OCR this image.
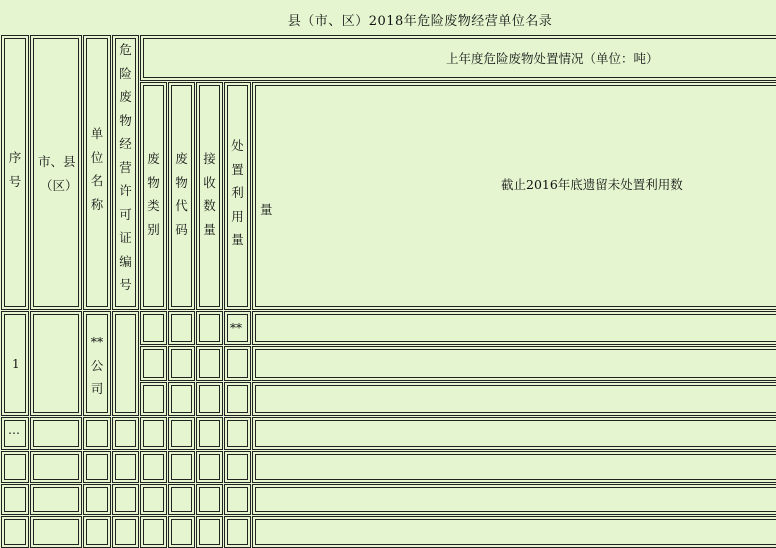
县（市、区）2018年危险废物经营单位名录
序
号
市、县
（区）
单
位
名
称
危
险
废
物
经
营
许
可
证
编
号
上年度危险废物处置情况（单位：吨）
废
物
类
别
废
物
代
码
接
收
数
量
处
置
利
用
量
量
截止2016年底遗留未处置利用数
1
**
公
司
**
…
